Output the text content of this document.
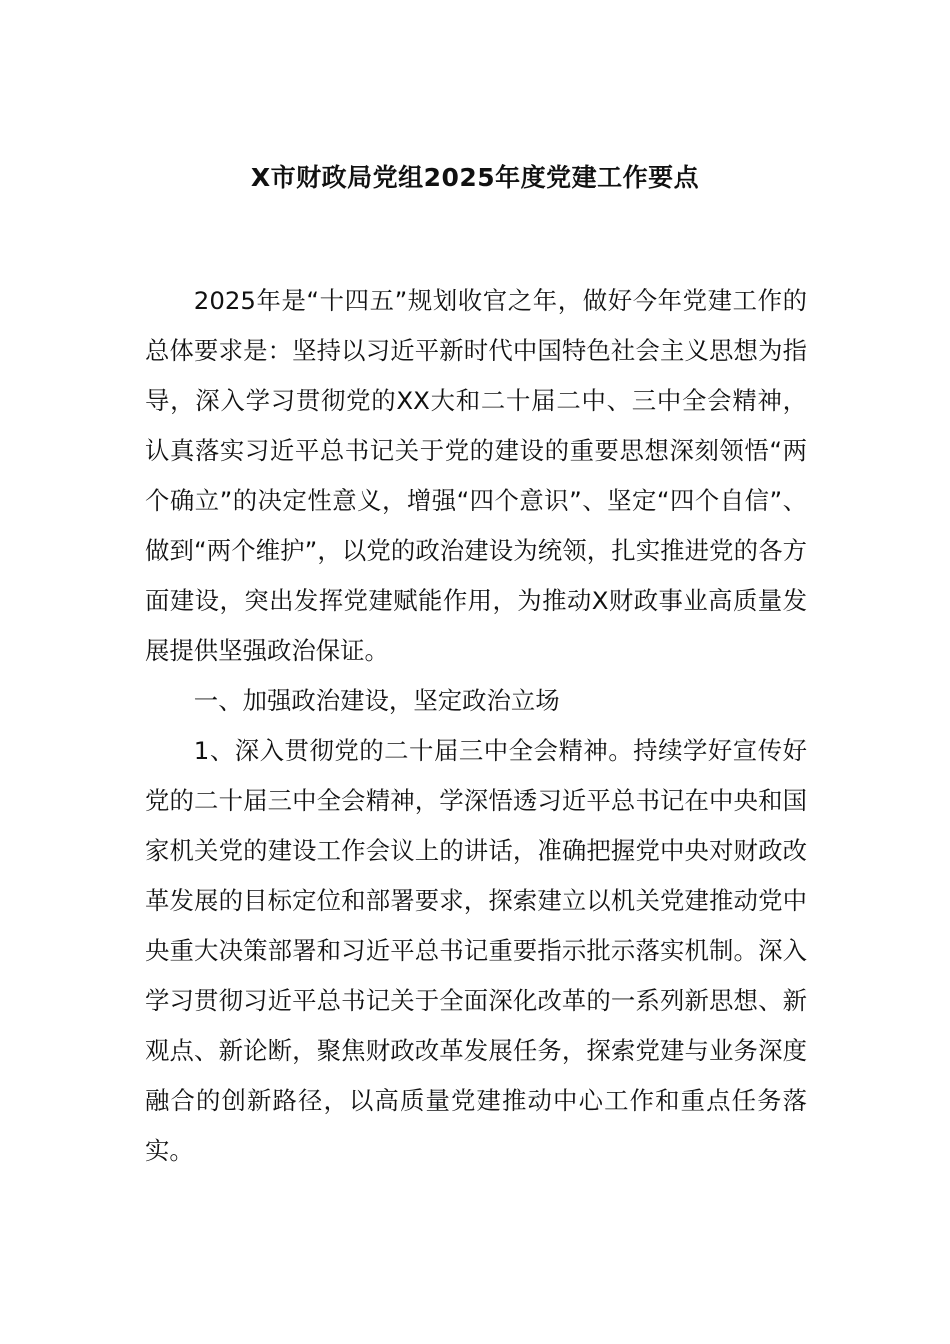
X市财政局党组2025年度党建工作要点

2025年是“十四五”规划收官之年，做好今年党建工作的总体要求是：坚持以习近平新时代中国特色社会主义思想为指导，深入学习贯彻党的XX大和二十届二中、三中全会精神，认真落实习近平总书记关于党的建设的重要思想深刻领悟“两个确立”的决定性意义，增强“四个意识”、坚定“四个自信”、做到“两个维护”，以党的政治建设为统领，扎实推进党的各方面建设，突出发挥党建赋能作用，为推动X财政事业高质量发展提供坚强政治保证。

一、加强政治建设，坚定政治立场

1、深入贯彻党的二十届三中全会精神。持续学好宣传好党的二十届三中全会精神，学深悟透习近平总书记在中央和国家机关党的建设工作会议上的讲话，准确把握党中央对财政改革发展的目标定位和部署要求，探索建立以机关党建推动党中央重大决策部署和习近平总书记重要指示批示落实机制。深入学习贯彻习近平总书记关于全面深化改革的一系列新思想、新观点、新论断，聚焦财政改革发展任务，探索党建与业务深度融合的创新路径，以高质量党建推动中心工作和重点任务落实。
